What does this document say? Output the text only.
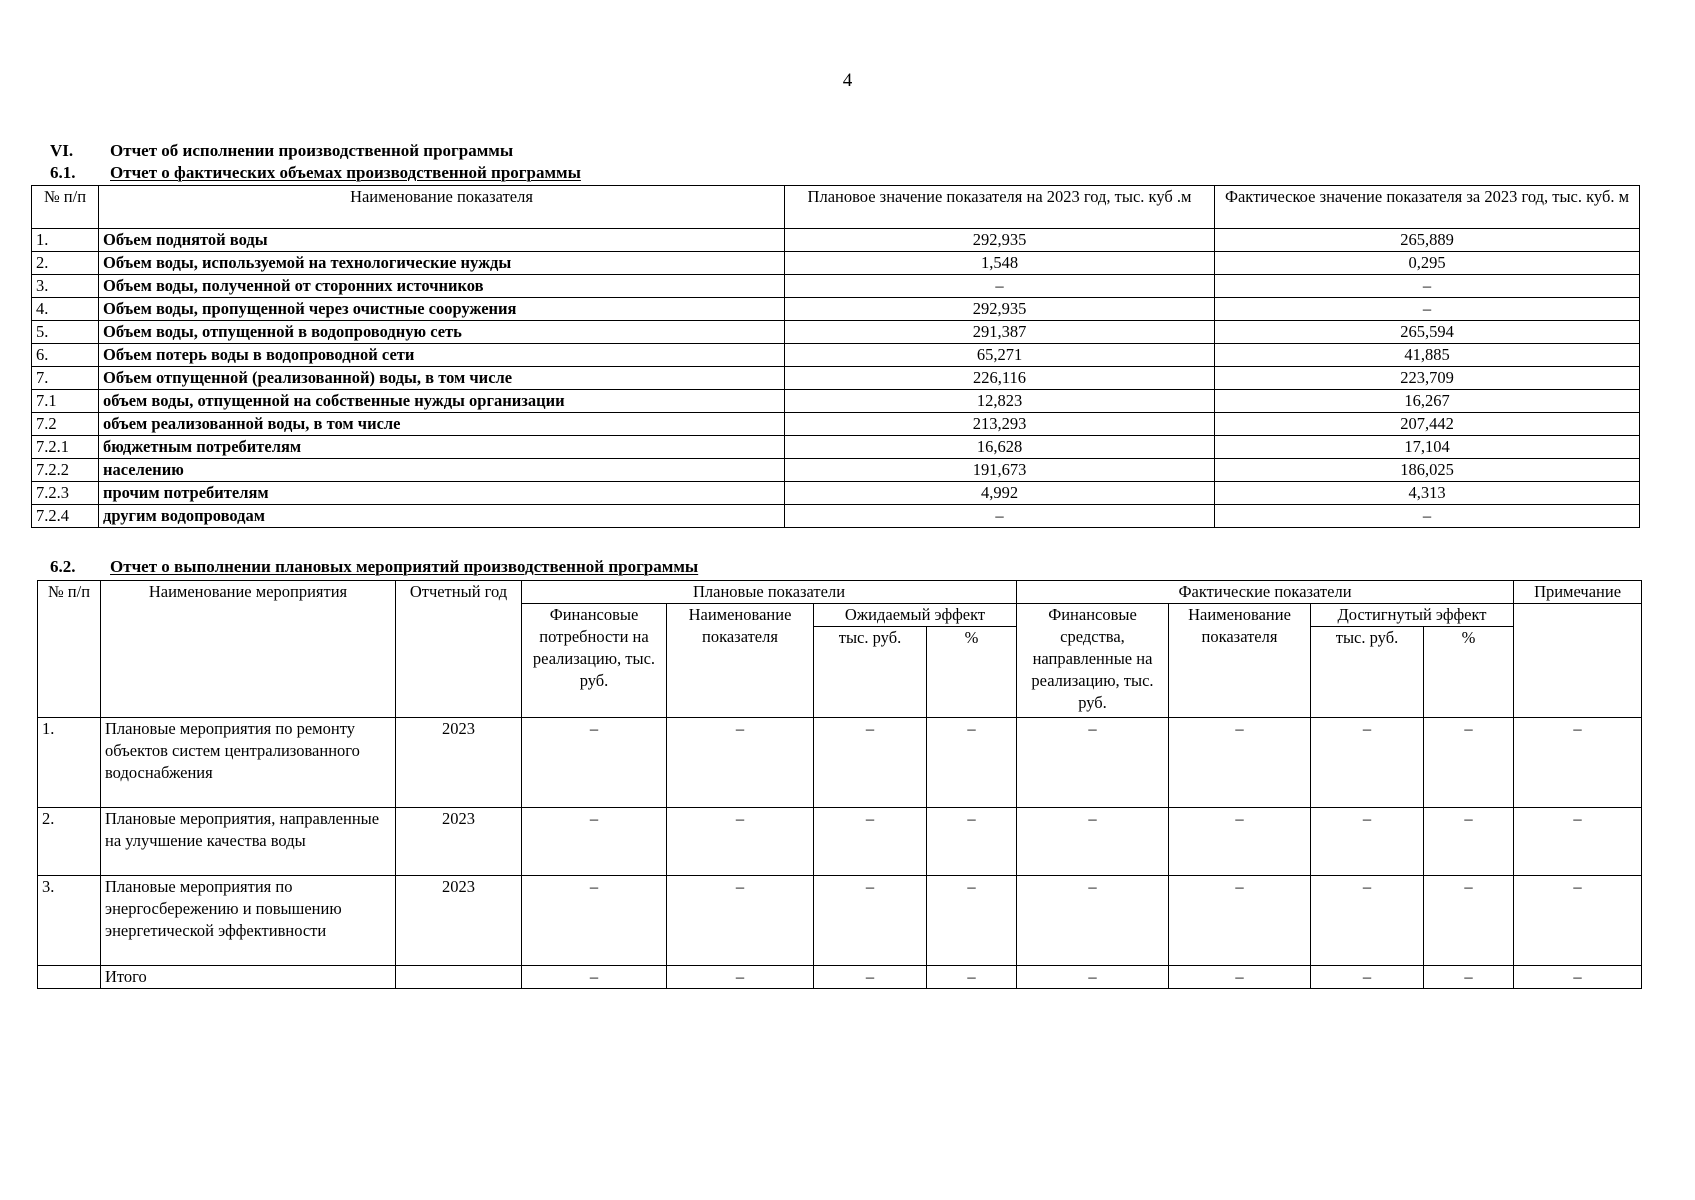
4
VI.	Отчет об исполнении производственной программы
6.1.	Отчет о фактических объемах производственной программы
№ п/п	Наименование показателя	Плановое значение показателя на 2023 год, тыс. куб .м	Фактическое значение показателя за 2023 год, тыс. куб. м
1.	Объем поднятой воды	292,935	265,889
2.	Объем воды, используемой на технологические нужды	1,548	0,295
3.	Объем воды, полученной от сторонних источников	–	–
4.	Объем воды, пропущенной через очистные сооружения	292,935	–
5.	Объем воды, отпущенной в водопроводную сеть	291,387	265,594
6.	Объем потерь воды в водопроводной сети	65,271	41,885
7.	Объем отпущенной (реализованной) воды, в том числе	226,116	223,709
7.1	объем воды, отпущенной на собственные нужды организации	12,823	16,267
7.2	объем реализованной воды, в том числе	213,293	207,442
7.2.1	бюджетным потребителям	16,628	17,104
7.2.2	населению	191,673	186,025
7.2.3	прочим потребителям	4,992	4,313
7.2.4	другим водопроводам	–	–
6.2.	Отчет о выполнении плановых мероприятий производственной программы
№ п/п	Наименование мероприятия	Отчетный год	Плановые показатели				Фактические показатели				Примечание
			Финансовые потребности на реализацию, тыс. руб.	Наименование показателя	Ожидаемый эффект		Финансовые средства, направленные на реализацию, тыс. руб.	Наименование показателя	Достигнутый эффект		
					тыс. руб.	%			тыс. руб.	%	
1.	Плановые мероприятия по ремонту объектов систем централизованного водоснабжения	2023	–	–	–	–	–	–	–	–	–
2.	Плановые мероприятия, направленные на улучшение качества воды	2023	–	–	–	–	–	–	–	–	–
3.	Плановые мероприятия по энергосбережению и повышению энергетической эффективности	2023	–	–	–	–	–	–	–	–	–
	Итого		–	–	–	–	–	–	–	–	–
